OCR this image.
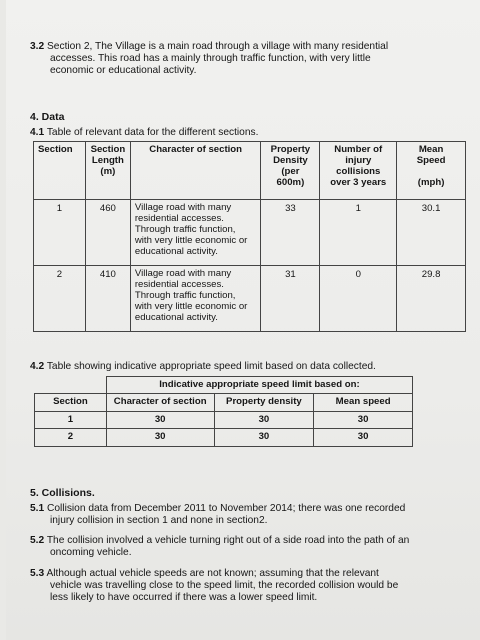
3.2 Section 2, The Village is a main road through a village with many residential
accesses. This road has a mainly through traffic function, with very little
economic or educational activity.
4. Data
4.1 Table of relevant data for the different sections.
Section	Section
Length
(m)	Character of section	Property
Density
(per
600m)	Number of
injury
collisions
over 3 years	Mean
Speed

(mph)
1	460	Village road with many
residential accesses.
Through traffic function,
with very little economic or
educational activity.	33	1	30.1
2	410	Village road with many
residential accesses.
Through traffic function,
with very little economic or
educational activity.	31	0	29.8
4.2 Table showing indicative appropriate speed limit based on data collected.
	Indicative appropriate speed limit based on:		
Section	Character of section	Property density	Mean speed
1	30	30	30
2	30	30	30
5. Collisions.
5.1 Collision data from December 2011 to November 2014; there was one recorded
injury collision in section 1 and none in section2.
5.2 The collision involved a vehicle turning right out of a side road into the path of an
oncoming vehicle.
5.3 Although actual vehicle speeds are not known; assuming that the relevant
vehicle was travelling close to the speed limit, the recorded collision would be
less likely to have occurred if there was a lower speed limit.
